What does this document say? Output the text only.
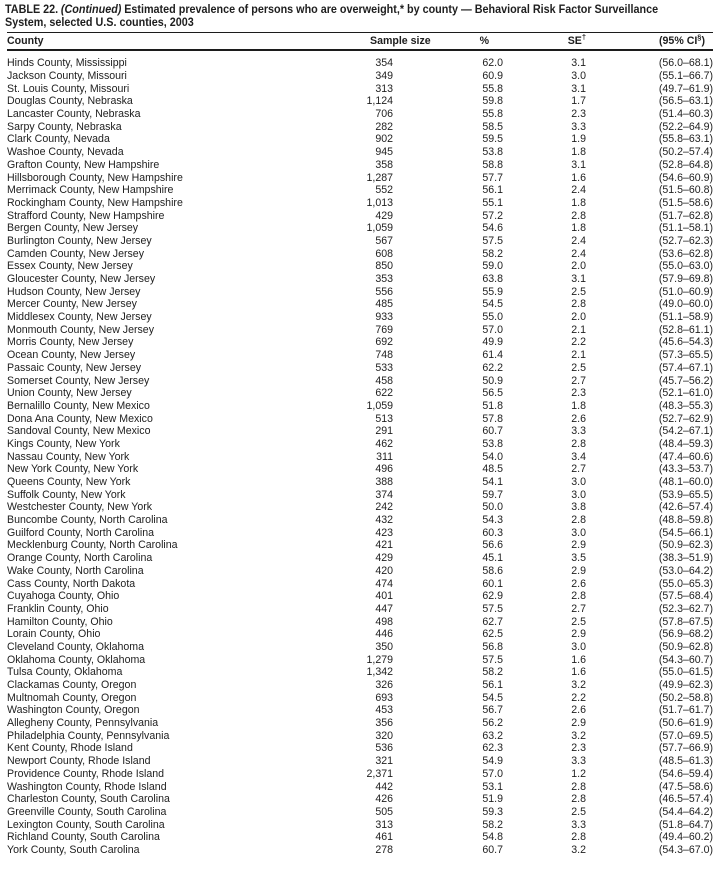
TABLE 22. (Continued) Estimated prevalence of persons who are overweight,* by county — Behavioral Risk Factor Surveillance
System, selected U.S. counties, 2003
County	Sample size	%	SE†	(95% CI§)
Hinds County, Mississippi	354	62.0	3.1	(56.0–68.1)
Jackson County, Missouri	349	60.9	3.0	(55.1–66.7)
St. Louis County, Missouri	313	55.8	3.1	(49.7–61.9)
Douglas County, Nebraska	1,124	59.8	1.7	(56.5–63.1)
Lancaster County, Nebraska	706	55.8	2.3	(51.4–60.3)
Sarpy County, Nebraska	282	58.5	3.3	(52.2–64.9)
Clark County, Nevada	902	59.5	1.9	(55.8–63.1)
Washoe County, Nevada	945	53.8	1.8	(50.2–57.4)
Grafton County, New Hampshire	358	58.8	3.1	(52.8–64.8)
Hillsborough County, New Hampshire	1,287	57.7	1.6	(54.6–60.9)
Merrimack County, New Hampshire	552	56.1	2.4	(51.5–60.8)
Rockingham County, New Hampshire	1,013	55.1	1.8	(51.5–58.6)
Strafford County, New Hampshire	429	57.2	2.8	(51.7–62.8)
Bergen County, New Jersey	1,059	54.6	1.8	(51.1–58.1)
Burlington County, New Jersey	567	57.5	2.4	(52.7–62.3)
Camden County, New Jersey	608	58.2	2.4	(53.6–62.8)
Essex County, New Jersey	850	59.0	2.0	(55.0–63.0)
Gloucester County, New Jersey	353	63.8	3.1	(57.9–69.8)
Hudson County, New Jersey	556	55.9	2.5	(51.0–60.9)
Mercer County, New Jersey	485	54.5	2.8	(49.0–60.0)
Middlesex County, New Jersey	933	55.0	2.0	(51.1–58.9)
Monmouth County, New Jersey	769	57.0	2.1	(52.8–61.1)
Morris County, New Jersey	692	49.9	2.2	(45.6–54.3)
Ocean County, New Jersey	748	61.4	2.1	(57.3–65.5)
Passaic County, New Jersey	533	62.2	2.5	(57.4–67.1)
Somerset County, New Jersey	458	50.9	2.7	(45.7–56.2)
Union County, New Jersey	622	56.5	2.3	(52.1–61.0)
Bernalillo County, New Mexico	1,059	51.8	1.8	(48.3–55.3)
Dona Ana County, New Mexico	513	57.8	2.6	(52.7–62.9)
Sandoval County, New Mexico	291	60.7	3.3	(54.2–67.1)
Kings County, New York	462	53.8	2.8	(48.4–59.3)
Nassau County, New York	311	54.0	3.4	(47.4–60.6)
New York County, New York	496	48.5	2.7	(43.3–53.7)
Queens County, New York	388	54.1	3.0	(48.1–60.0)
Suffolk County, New York	374	59.7	3.0	(53.9–65.5)
Westchester County, New York	242	50.0	3.8	(42.6–57.4)
Buncombe County, North Carolina	432	54.3	2.8	(48.8–59.8)
Guilford County, North Carolina	423	60.3	3.0	(54.5–66.1)
Mecklenburg County, North Carolina	421	56.6	2.9	(50.9–62.3)
Orange County, North Carolina	429	45.1	3.5	(38.3–51.9)
Wake County, North Carolina	420	58.6	2.9	(53.0–64.2)
Cass County, North Dakota	474	60.1	2.6	(55.0–65.3)
Cuyahoga County, Ohio	401	62.9	2.8	(57.5–68.4)
Franklin County, Ohio	447	57.5	2.7	(52.3–62.7)
Hamilton County, Ohio	498	62.7	2.5	(57.8–67.5)
Lorain County, Ohio	446	62.5	2.9	(56.9–68.2)
Cleveland County, Oklahoma	350	56.8	3.0	(50.9–62.8)
Oklahoma County, Oklahoma	1,279	57.5	1.6	(54.3–60.7)
Tulsa County, Oklahoma	1,342	58.2	1.6	(55.0–61.5)
Clackamas County, Oregon	326	56.1	3.2	(49.9–62.3)
Multnomah County, Oregon	693	54.5	2.2	(50.2–58.8)
Washington County, Oregon	453	56.7	2.6	(51.7–61.7)
Allegheny County, Pennsylvania	356	56.2	2.9	(50.6–61.9)
Philadelphia County, Pennsylvania	320	63.2	3.2	(57.0–69.5)
Kent County, Rhode Island	536	62.3	2.3	(57.7–66.9)
Newport County, Rhode Island	321	54.9	3.3	(48.5–61.3)
Providence County, Rhode Island	2,371	57.0	1.2	(54.6–59.4)
Washington County, Rhode Island	442	53.1	2.8	(47.5–58.6)
Charleston County, South Carolina	426	51.9	2.8	(46.5–57.4)
Greenville County, South Carolina	505	59.3	2.5	(54.4–64.2)
Lexington County, South Carolina	313	58.2	3.3	(51.8–64.7)
Richland County, South Carolina	461	54.8	2.8	(49.4–60.2)
York County, South Carolina	278	60.7	3.2	(54.3–67.0)
